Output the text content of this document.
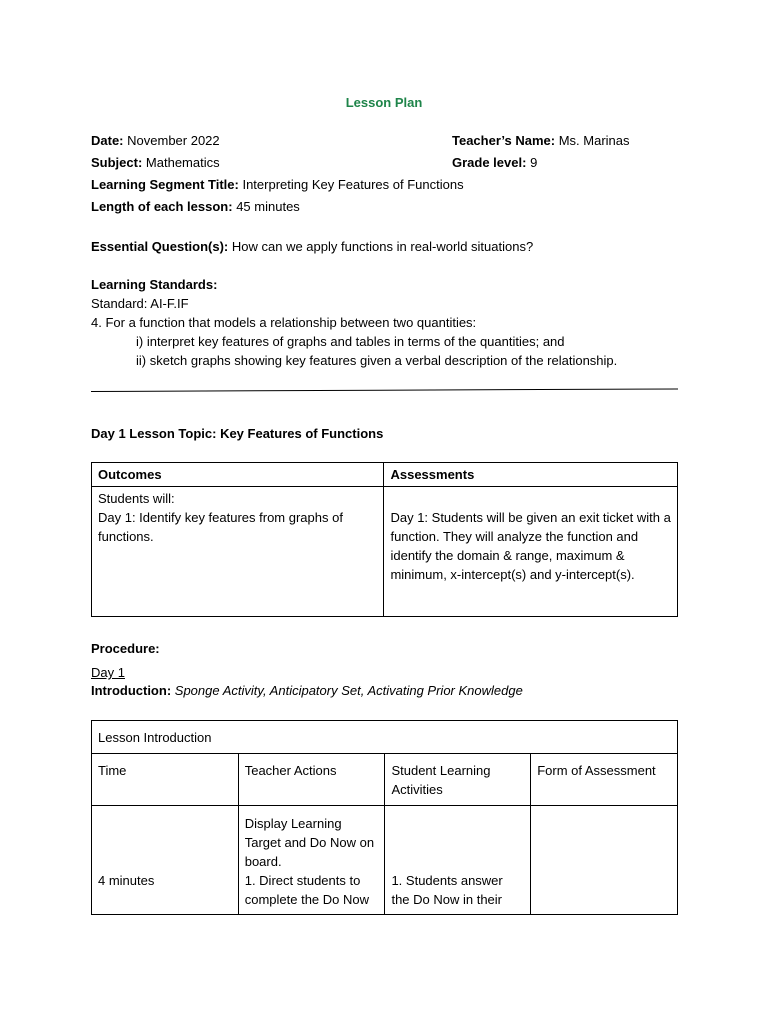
Lesson Plan
Date: November 2022	Teacher’s Name: Ms. Marinas
Subject: Mathematics	Grade level: 9
Learning Segment Title: Interpreting Key Features of Functions
Length of each lesson: 45 minutes
Essential Question(s): How can we apply functions in real-world situations?
Learning Standards:
Standard: AI-F.IF
4. For a function that models a relationship between two quantities:
i) interpret key features of graphs and tables in terms of the quantities; and
ii) sketch graphs showing key features given a verbal description of the relationship.
Day 1 Lesson Topic: Key Features of Functions
Outcomes	Assessments

Students will:
Day 1: Identify key features from graphs of functions.	Day 1: Students will be given an exit ticket with a function. They will analyze the function and identify the domain & range, maximum & minimum, x-intercept(s) and y-intercept(s).
Procedure:
Day 1
Introduction: Sponge Activity, Anticipatory Set, Activating Prior Knowledge
Lesson Introduction			
Time	Teacher Actions	Student Learning Activities	Form of Assessment
4 minutes	Display Learning Target and Do Now on board.
1. Direct students to complete the Do Now	1. Students answer the Do Now in their	
